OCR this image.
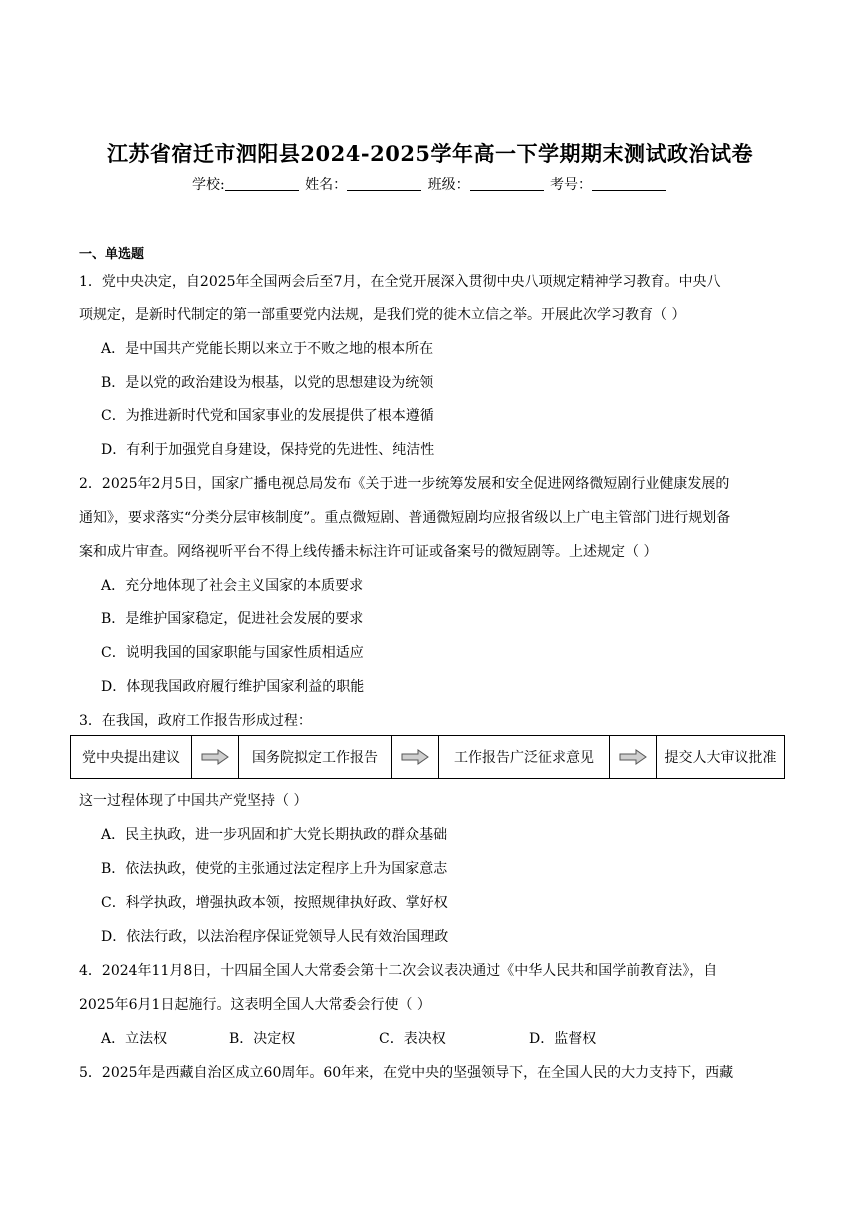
江苏省宿迁市泗阳县2024-2025学年高一下学期期末测试政治试卷
学校:	姓名：	班级：	考号：
一、单选题
1．党中央决定，自2025年全国两会后至7月，在全党开展深入贯彻中央八项规定精神学习教育。中央八
项规定，是新时代制定的第一部重要党内法规，是我们党的徙木立信之举。开展此次学习教育（ ）
A．是中国共产党能长期以来立于不败之地的根本所在
B．是以党的政治建设为根基，以党的思想建设为统领
C．为推进新时代党和国家事业的发展提供了根本遵循
D．有利于加强党自身建设，保持党的先进性、纯洁性
2．2025年2月5日，国家广播电视总局发布《关于进一步统筹发展和安全促进网络微短剧行业健康发展的
通知》，要求落实“分类分层审核制度”。重点微短剧、普通微短剧均应报省级以上广电主管部门进行规划备
案和成片审查。网络视听平台不得上线传播未标注许可证或备案号的微短剧等。上述规定（ ）
A．充分地体现了社会主义国家的本质要求
B．是维护国家稳定，促进社会发展的要求
C．说明我国的国家职能与国家性质相适应
D．体现我国政府履行维护国家利益的职能
3．在我国，政府工作报告形成过程：
党中央提出建议	国务院拟定工作报告	工作报告广泛征求意见	提交人大审议批准
这一过程体现了中国共产党坚持（ ）
A．民主执政，进一步巩固和扩大党长期执政的群众基础
B．依法执政，使党的主张通过法定程序上升为国家意志
C．科学执政，增强执政本领，按照规律执好政、掌好权
D．依法行政，以法治程序保证党领导人民有效治国理政
4．2024年11月8日，十四届全国人大常委会第十二次会议表决通过《中华人民共和国学前教育法》，自
2025年6月1日起施行。这表明全国人大常委会行使（ ）
A．立法权	B．决定权	C．表决权	D．监督权
5．2025年是西藏自治区成立60周年。60年来，在党中央的坚强领导下，在全国人民的大力支持下，西藏
